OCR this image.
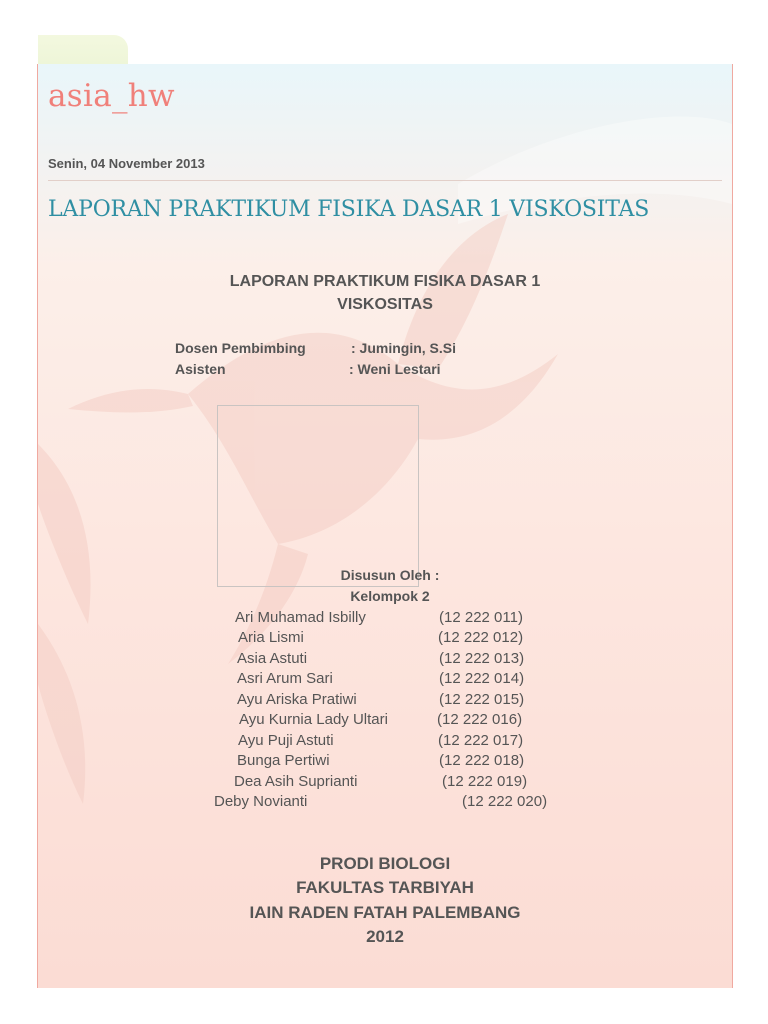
asia_hw
Senin, 04 November 2013
LAPORAN PRAKTIKUM FISIKA DASAR 1 VISKOSITAS
LAPORAN PRAKTIKUM FISIKA DASAR 1
VISKOSITAS
Dosen Pembimbing	: Jumingin, S.Si
Asisten	: Weni Lestari
Disusun Oleh :
Kelompok 2
Ari Muhamad Isbilly	(12 222 011)
Aria Lismi	(12 222 012)
Asia Astuti	(12 222 013)
Asri Arum Sari	(12 222 014)
Ayu Ariska Pratiwi	(12 222 015)
Ayu Kurnia Lady Ultari	(12 222 016)
Ayu Puji Astuti	(12 222 017)
Bunga Pertiwi	(12 222 018)
Dea Asih Suprianti	(12 222 019)
Deby Novianti	(12 222 020)
PRODI BIOLOGI
FAKULTAS TARBIYAH
IAIN RADEN FATAH PALEMBANG
2012
